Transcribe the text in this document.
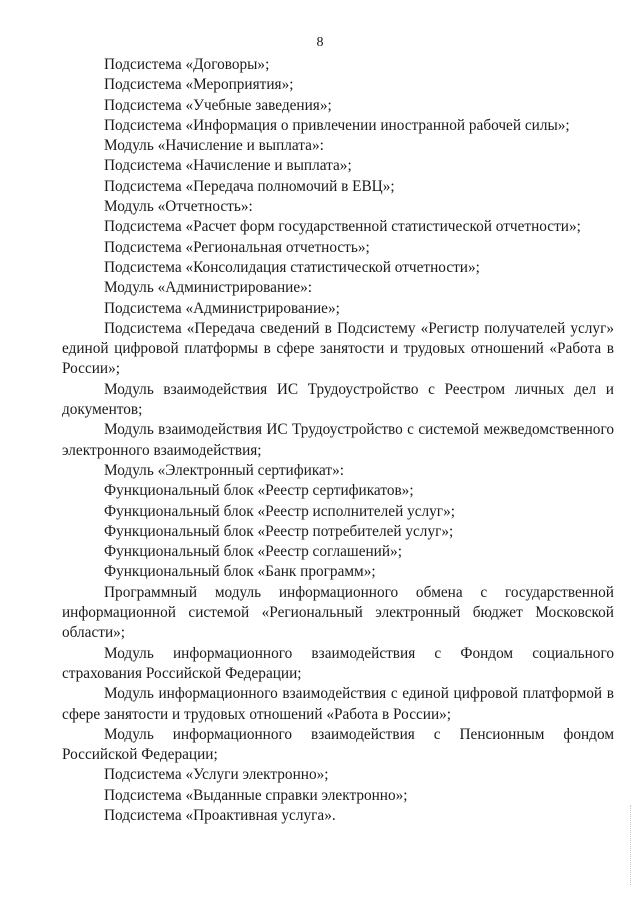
8

Подсистема «Договоры»;

Подсистема «Мероприятия»;

Подсистема «Учебные заведения»;

Подсистема «Информация о привлечении иностранной рабочей силы»;

Модуль «Начисление и выплата»:

Подсистема «Начисление и выплата»;

Подсистема «Передача полномочий в ЕВЦ»;

Модуль «Отчетность»:

Подсистема «Расчет форм государственной статистической отчетности»;

Подсистема «Региональная отчетность»;

Подсистема «Консолидация статистической отчетности»;

Модуль «Администрирование»:

Подсистема «Администрирование»;

Подсистема «Передача сведений в Подсистему «Регистр получателей услуг» единой цифровой платформы в сфере занятости и трудовых отношений «Работа в России»;

Модуль взаимодействия ИС Трудоустройство с Реестром личных дел и документов;

Модуль взаимодействия ИС Трудоустройство с системой межведомственного электронного взаимодействия;

Модуль «Электронный сертификат»:

Функциональный блок «Реестр сертификатов»;

Функциональный блок «Реестр исполнителей услуг»;

Функциональный блок «Реестр потребителей услуг»;

Функциональный блок «Реестр соглашений»;

Функциональный блок «Банк программ»;

Программный модуль информационного обмена с государственной информационной системой «Региональный электронный бюджет Московской области»;

Модуль информационного взаимодействия с Фондом социального страхования Российской Федерации;

Модуль информационного взаимодействия с единой цифровой платформой в сфере занятости и трудовых отношений «Работа в России»;

Модуль информационного взаимодействия с Пенсионным фондом Российской Федерации;

Подсистема «Услуги электронно»;

Подсистема «Выданные справки электронно»;

Подсистема «Проактивная услуга».
